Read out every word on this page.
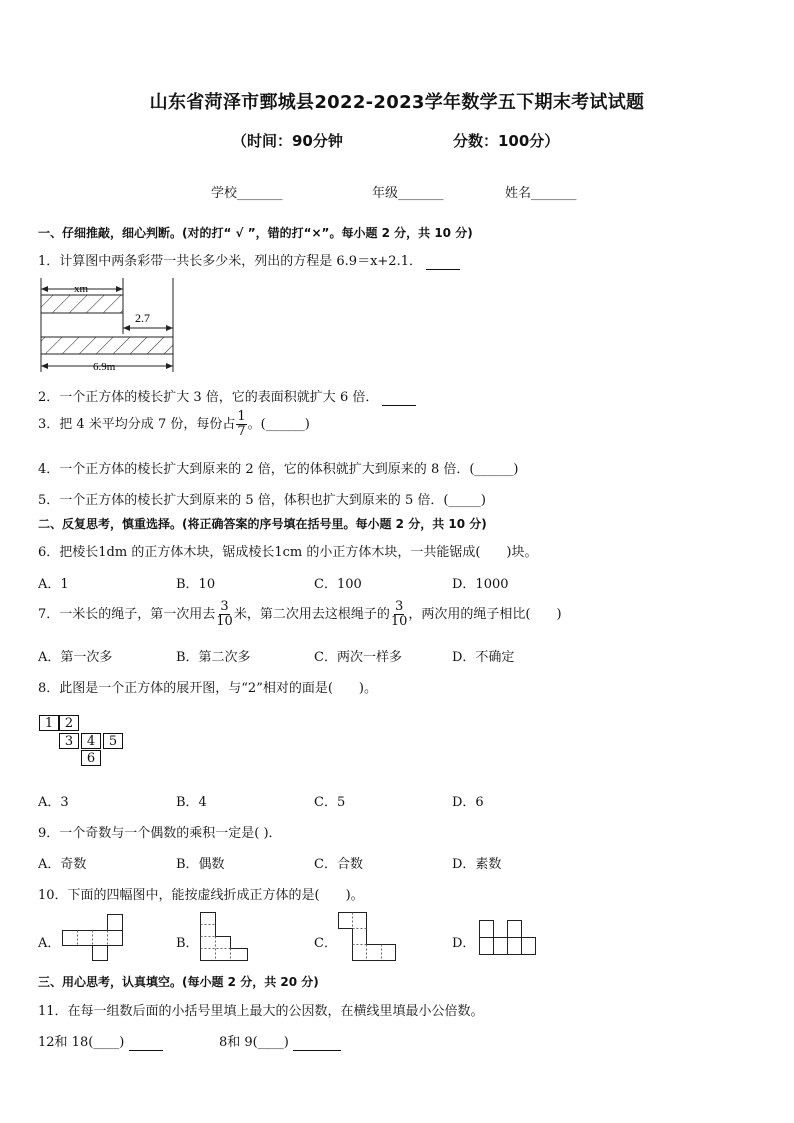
山东省菏泽市鄄城县2022-2023学年数学五下期末考试试题
（时间：90分钟	分数：100分）
学校_______	年级_______	姓名_______
一、仔细推敲，细心判断。(对的打“ √ ”，错的打“×”。每小题 2 分，共 10 分)
1．计算图中两条彩带一共长多少米，列出的方程是 6.9＝x+2.1．
xm
2.7
6.9m
2．一个正方体的棱长扩大 3 倍，它的表面积就扩大 6 倍．
3．把 4 米平均分成 7 份，每份占 $\frac{1}{7}$ 。(______)
4．一个正方体的棱长扩大到原来的 2 倍，它的体积就扩大到原来的 8 倍．(______)
5．一个正方体的棱长扩大到原来的 5 倍，体积也扩大到原来的 5 倍．(_____)
二、反复思考，慎重选择。(将正确答案的序号填在括号里。每小题 2 分，共 10 分)
6．把棱长1dm 的正方体木块，锯成棱长1cm 的小正方体木块，一共能锯成(　　)块。
A．1	B．10	C．100	D．1000
7．一米长的绳子，第一次用去 $\frac{3}{10}$ 米，第二次用去这根绳子的 $\frac{3}{10}$ ，两次用的绳子相比(　　)
A．第一次多	B．第二次多	C．两次一样多	D．不确定
8．此图是一个正方体的展开图，与“2”相对的面是(　　)。
1 2
3	4	5
6
A．3	B．4	C．5	D．6
9．一个奇数与一个偶数的乘积一定是( )．
A．奇数	B．偶数	C．合数	D．素数
10．下面的四幅图中，能按虚线折成正方体的是(　　)。
A．	B．	C．	D．
三、用心思考，认真填空。(每小题 2 分，共 20 分)
11．在每一组数后面的小括号里填上最大的公因数，在横线里填最小公倍数。
12和 18(____)	8和 9(____)
